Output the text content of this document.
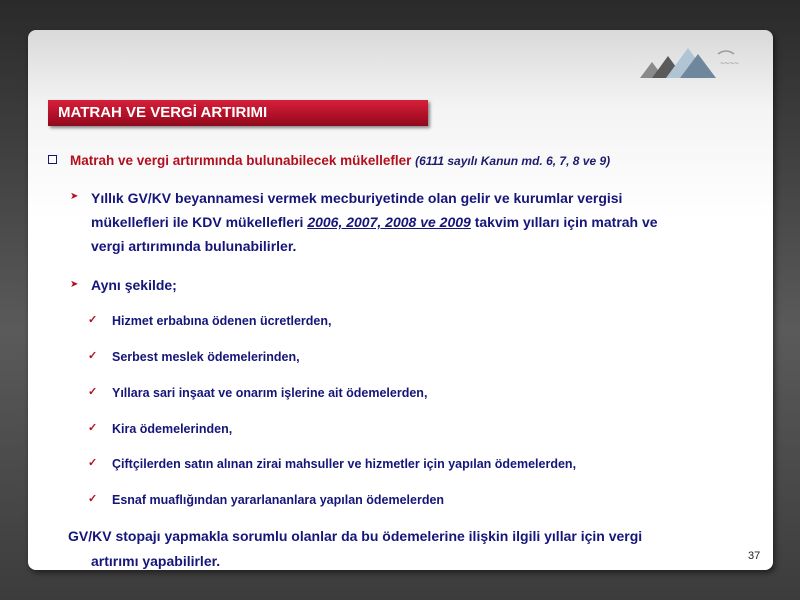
~~~~
MATRAH VE VERGİ ARTIRIMI
Matrah ve vergi artırımında bulunabilecek mükellefler (6111 sayılı Kanun md. 6, 7, 8 ve 9)
➤ Yıllık GV/KV beyannamesi vermek mecburiyetinde olan gelir ve kurumlar vergisi
mükellefleri ile KDV mükellefleri 2006, 2007, 2008 ve 2009 takvim yılları için matrah ve
vergi artırımında bulunabilirler.
➤ Aynı şekilde;
✓ Hizmet erbabına ödenen ücretlerden,
✓ Serbest meslek ödemelerinden,
✓ Yıllara sari inşaat ve onarım işlerine ait ödemelerden,
✓ Kira ödemelerinden,
✓ Çiftçilerden satın alınan zirai mahsuller ve hizmetler için yapılan ödemelerden,
✓ Esnaf muaflığından yararlananlara yapılan ödemelerden
GV/KV stopajı yapmakla sorumlu olanlar da bu ödemelerine ilişkin ilgili yıllar için vergi
artırımı yapabilirler.	37
